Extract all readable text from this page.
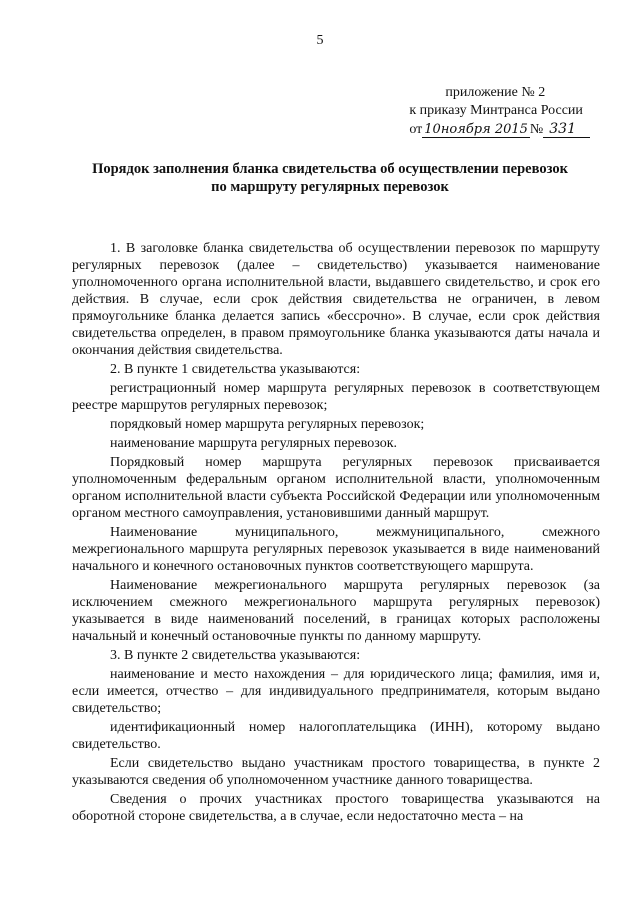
5
приложение № 2
к приказу Минтранса России
от 10ноября 2015 № 331
Порядок заполнения бланка свидетельства об осуществлении перевозок
по маршруту регулярных перевозок

1. В заголовке бланка свидетельства об осуществлении перевозок по маршруту регулярных перевозок (далее – свидетельство) указывается наименование уполномоченного органа исполнительной власти, выдавшего свидетельство, и срок его действия. В случае, если срок действия свидетельства не ограничен, в левом прямоугольнике бланка делается запись «бессрочно». В случае, если срок действия свидетельства определен, в правом прямоугольнике бланка указываются даты начала и окончания действия свидетельства.

2. В пункте 1 свидетельства указываются:

регистрационный номер маршрута регулярных перевозок в соответствующем реестре маршрутов регулярных перевозок;

порядковый номер маршрута регулярных перевозок;

наименование маршрута регулярных перевозок.

Порядковый номер маршрута регулярных перевозок присваивается уполномоченным федеральным органом исполнительной власти, уполномоченным органом исполнительной власти субъекта Российской Федерации или уполномоченным органом местного самоуправления, установившими данный маршрут.

Наименование муниципального, межмуниципального, смежного межрегионального маршрута регулярных перевозок указывается в виде наименований начального и конечного остановочных пунктов соответствующего маршрута.

Наименование межрегионального маршрута регулярных перевозок (за исключением смежного межрегионального маршрута регулярных перевозок) указывается в виде наименований поселений, в границах которых расположены начальный и конечный остановочные пункты по данному маршруту.

3. В пункте 2 свидетельства указываются:

наименование и место нахождения – для юридического лица; фамилия, имя и, если имеется, отчество – для индивидуального предпринимателя, которым выдано свидетельство;

идентификационный номер налогоплательщика (ИНН), которому выдано свидетельство.

Если свидетельство выдано участникам простого товарищества, в пункте 2 указываются сведения об уполномоченном участнике данного товарищества.

Сведения о прочих участниках простого товарищества указываются на оборотной стороне свидетельства, а в случае, если недостаточно места – на
